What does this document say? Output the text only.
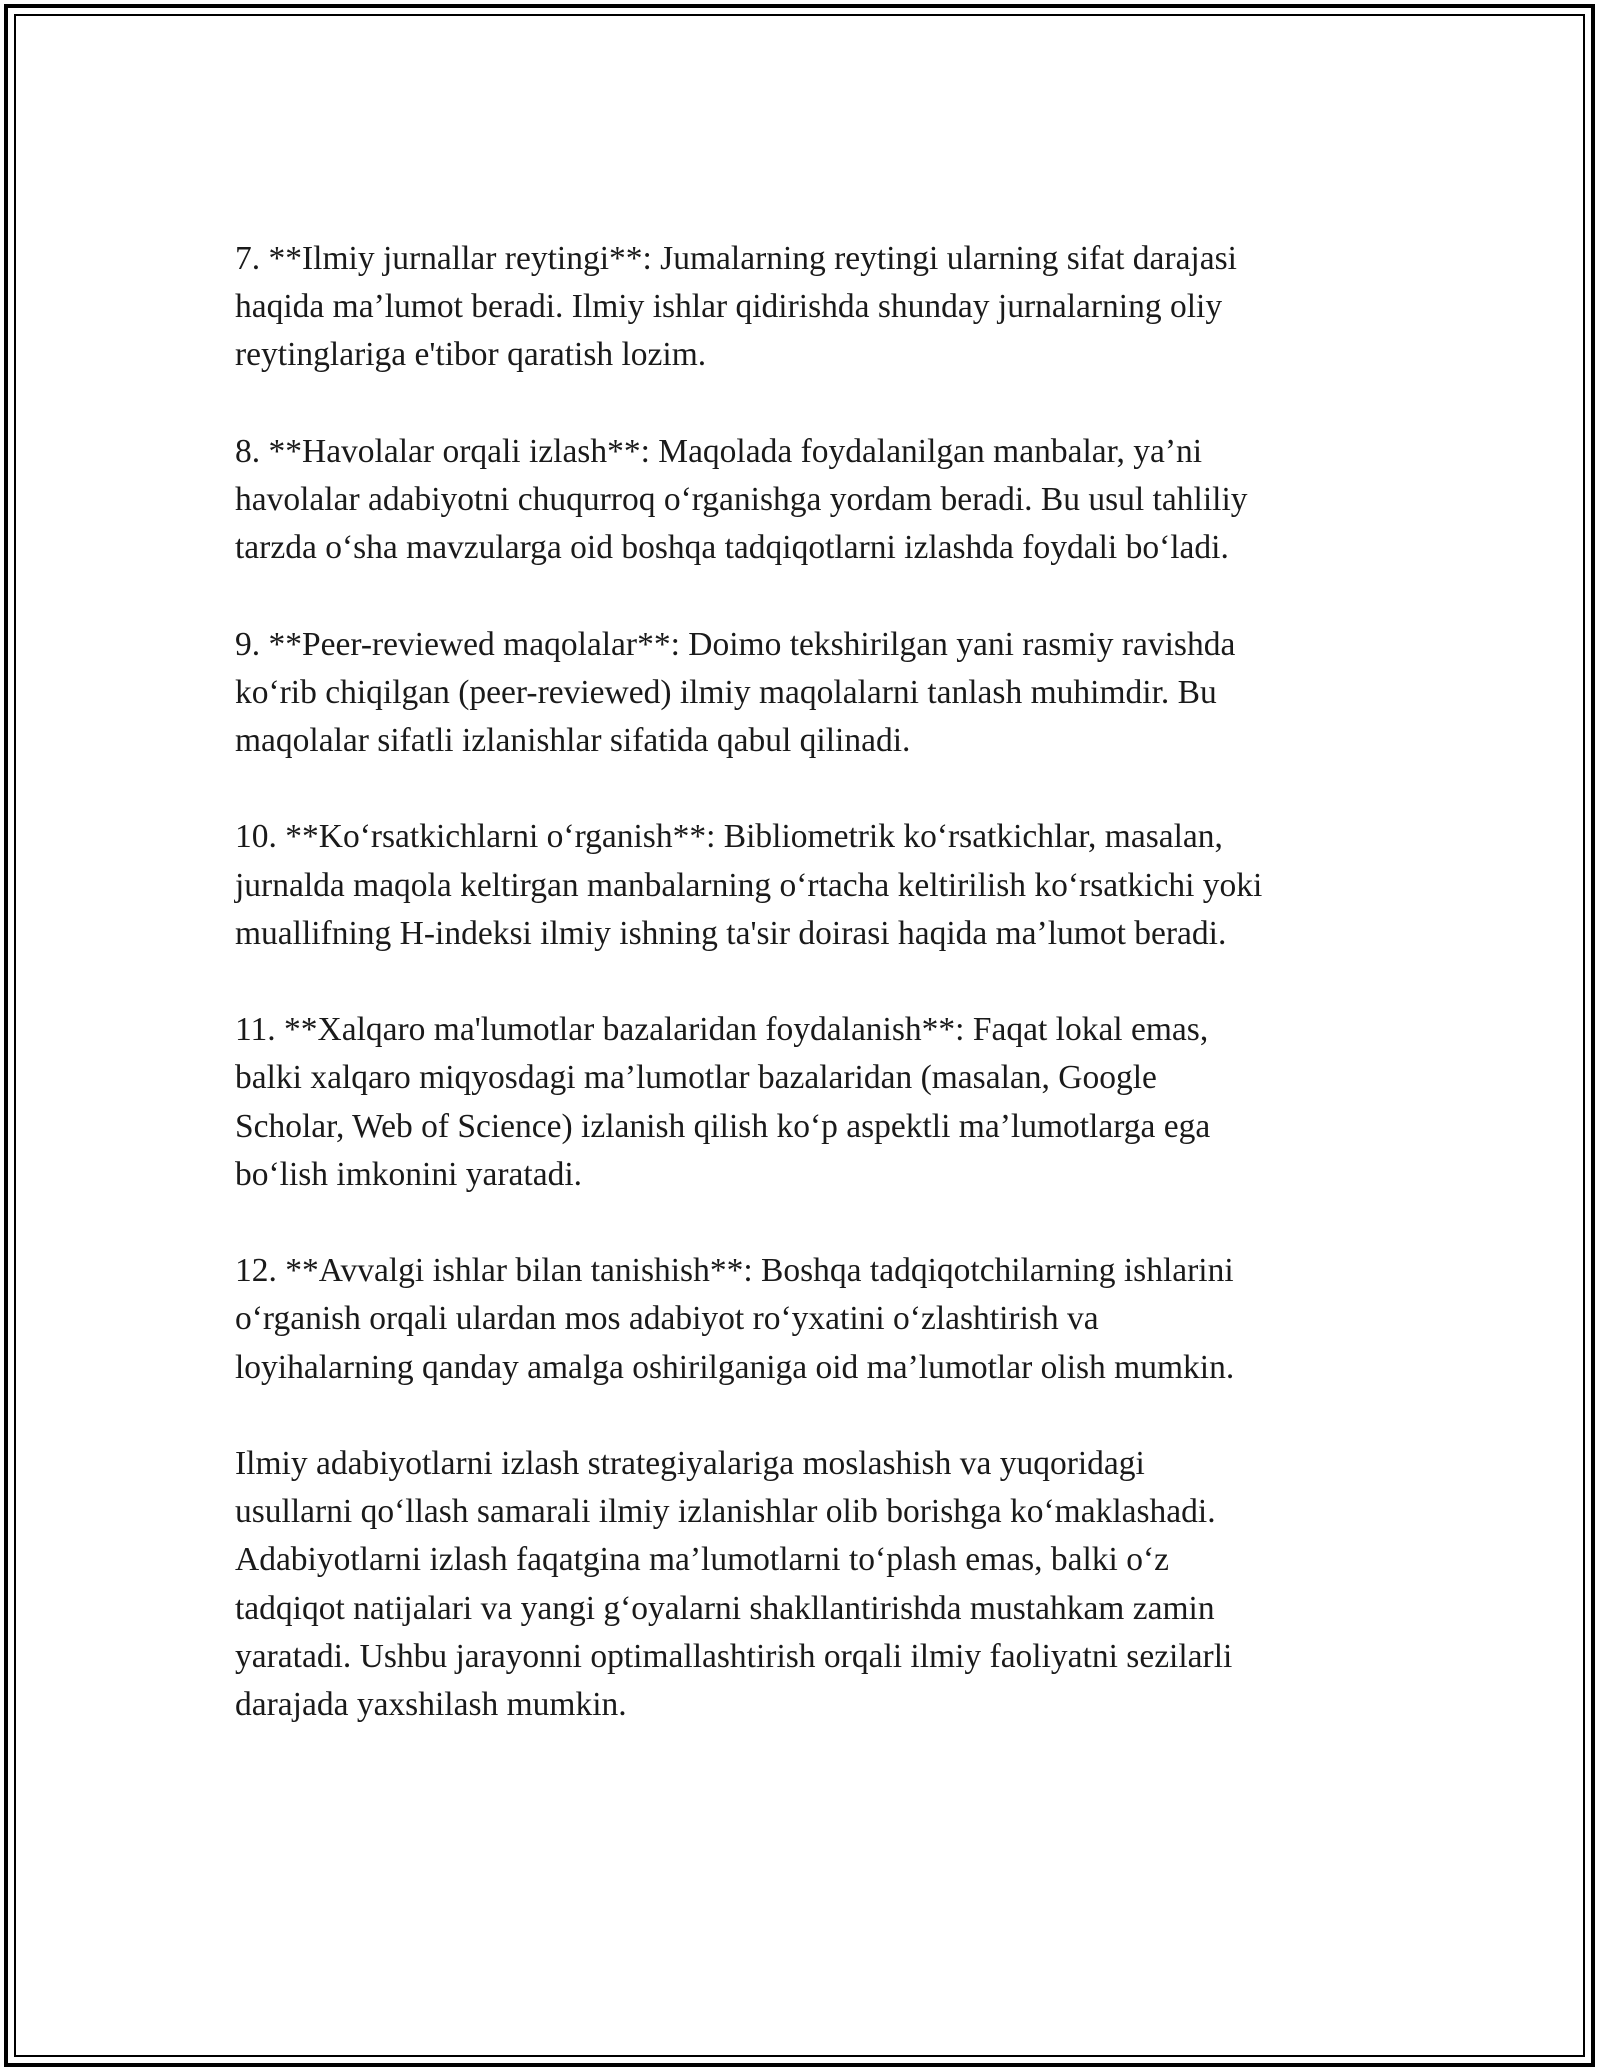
7. **Ilmiy jurnallar reytingi**: Jumalarning reytingi ularning sifat darajasi
haqida ma’lumot beradi. Ilmiy ishlar qidirishda shunday jurnalarning oliy
reytinglariga e'tibor qaratish lozim.

8. **Havolalar orqali izlash**: Maqolada foydalanilgan manbalar, ya’ni
havolalar adabiyotni chuqurroq o‘rganishga yordam beradi. Bu usul tahliliy
tarzda o‘sha mavzularga oid boshqa tadqiqotlarni izlashda foydali bo‘ladi.

9. **Peer-reviewed maqolalar**: Doimo tekshirilgan yani rasmiy ravishda
ko‘rib chiqilgan (peer-reviewed) ilmiy maqolalarni tanlash muhimdir. Bu
maqolalar sifatli izlanishlar sifatida qabul qilinadi.

10. **Ko‘rsatkichlarni o‘rganish**: Bibliometrik ko‘rsatkichlar, masalan,
jurnalda maqola keltirgan manbalarning o‘rtacha keltirilish ko‘rsatkichi yoki
muallifning H-indeksi ilmiy ishning ta'sir doirasi haqida ma’lumot beradi.

11. **Xalqaro ma'lumotlar bazalaridan foydalanish**: Faqat lokal emas,
balki xalqaro miqyosdagi ma’lumotlar bazalaridan (masalan, Google
Scholar, Web of Science) izlanish qilish ko‘p aspektli ma’lumotlarga ega
bo‘lish imkonini yaratadi.

12. **Avvalgi ishlar bilan tanishish**: Boshqa tadqiqotchilarning ishlarini
o‘rganish orqali ulardan mos adabiyot ro‘yxatini o‘zlashtirish va
loyihalarning qanday amalga oshirilganiga oid ma’lumotlar olish mumkin.

Ilmiy adabiyotlarni izlash strategiyalariga moslashish va yuqoridagi
usullarni qo‘llash samarali ilmiy izlanishlar olib borishga ko‘maklashadi.
Adabiyotlarni izlash faqatgina ma’lumotlarni to‘plash emas, balki o‘z
tadqiqot natijalari va yangi g‘oyalarni shakllantirishda mustahkam zamin
yaratadi. Ushbu jarayonni optimallashtirish orqali ilmiy faoliyatni sezilarli
darajada yaxshilash mumkin.
